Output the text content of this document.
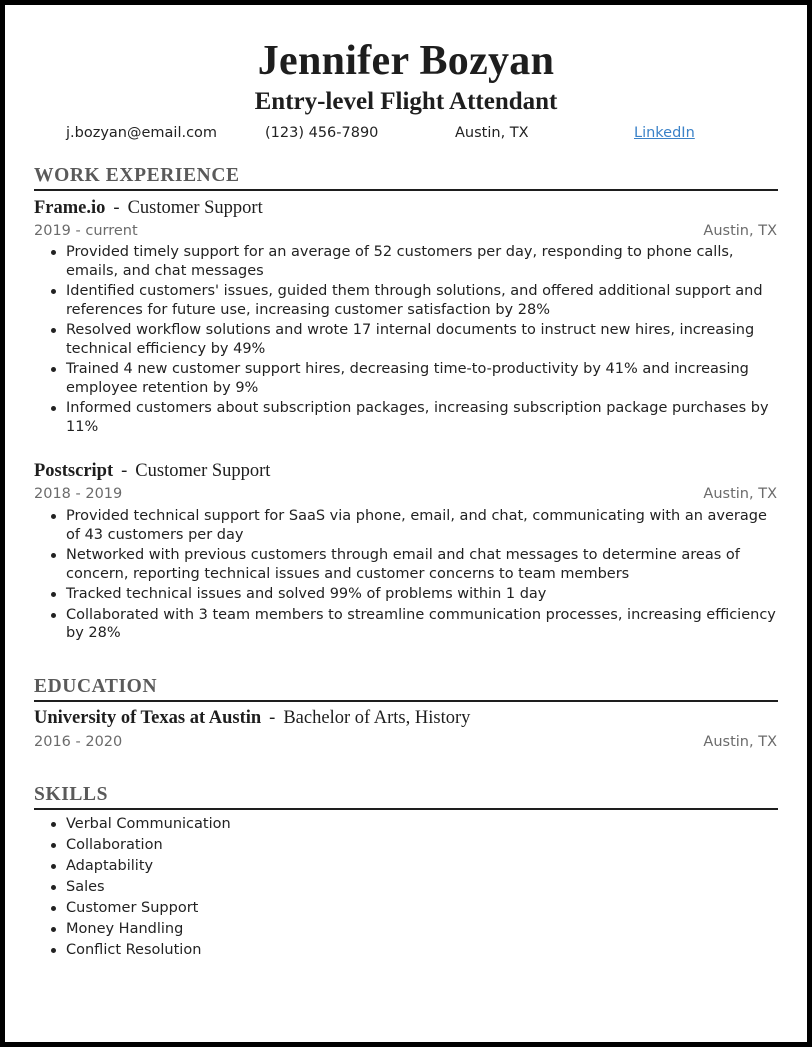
Jennifer Bozyan
Entry-level Flight Attendant
j.bozyan@email.com	(123) 456-7890	Austin, TX	LinkedIn
WORK EXPERIENCE
Frame.io - Customer Support
2019 - current	Austin, TX
Provided timely support for an average of 52 customers per day, responding to phone calls, emails, and chat messages
Identified customers' issues, guided them through solutions, and offered additional support and references for future use, increasing customer satisfaction by 28%
Resolved workflow solutions and wrote 17 internal documents to instruct new hires, increasing technical efficiency by 49%
Trained 4 new customer support hires, decreasing time-to-productivity by 41% and increasing employee retention by 9%
Informed customers about subscription packages, increasing subscription package purchases by 11%
Postscript - Customer Support
2018 - 2019	Austin, TX
Provided technical support for SaaS via phone, email, and chat, communicating with an average of 43 customers per day
Networked with previous customers through email and chat messages to determine areas of concern, reporting technical issues and customer concerns to team members
Tracked technical issues and solved 99% of problems within 1 day
Collaborated with 3 team members to streamline communication processes, increasing efficiency by 28%
EDUCATION
University of Texas at Austin - Bachelor of Arts, History
2016 - 2020	Austin, TX
SKILLS
Verbal Communication
Collaboration
Adaptability
Sales
Customer Support
Money Handling
Conflict Resolution
